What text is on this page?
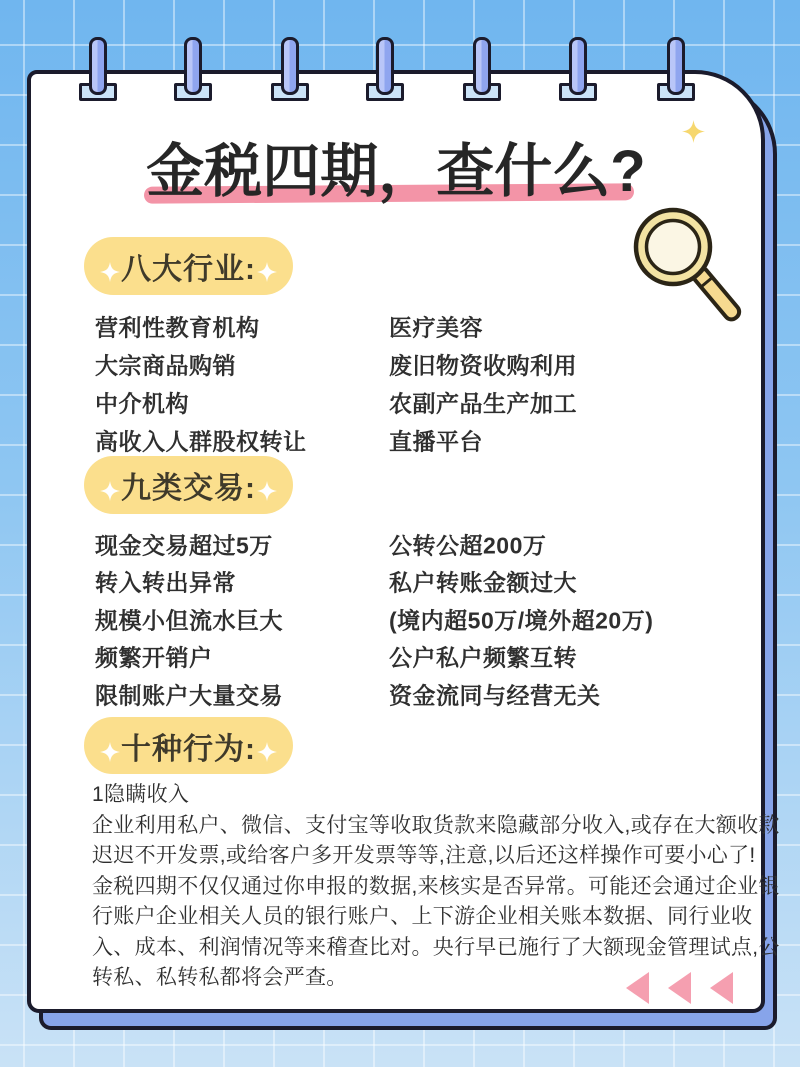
金税四期，查什么?
八大行业:
营利性教育机构	医疗美容
大宗商品购销	废旧物资收购利用
中介机构	农副产品生产加工
高收入人群股权转让	直播平台
九类交易:
现金交易超过5万	公转公超200万
转入转出异常	私户转账金额过大
规模小但流水巨大	(境内超50万/境外超20万)
频繁开销户	公户私户频繁互转
限制账户大量交易	资金流同与经营无关
十种行为:
1隐瞒收入
企业利用私户、微信、支付宝等收取货款来隐藏部分收入,或存在大额收款
迟迟不开发票,或给客户多开发票等等,注意,以后还这样操作可要小心了!
金税四期不仅仅通过你申报的数据,来核实是否异常。可能还会通过企业银
行账户企业相关人员的银行账户、上下游企业相关账本数据、同行业收
入、成本、利润情况等来稽查比对。央行早已施行了大额现金管理试点,公
转私、私转私都将会严查。
